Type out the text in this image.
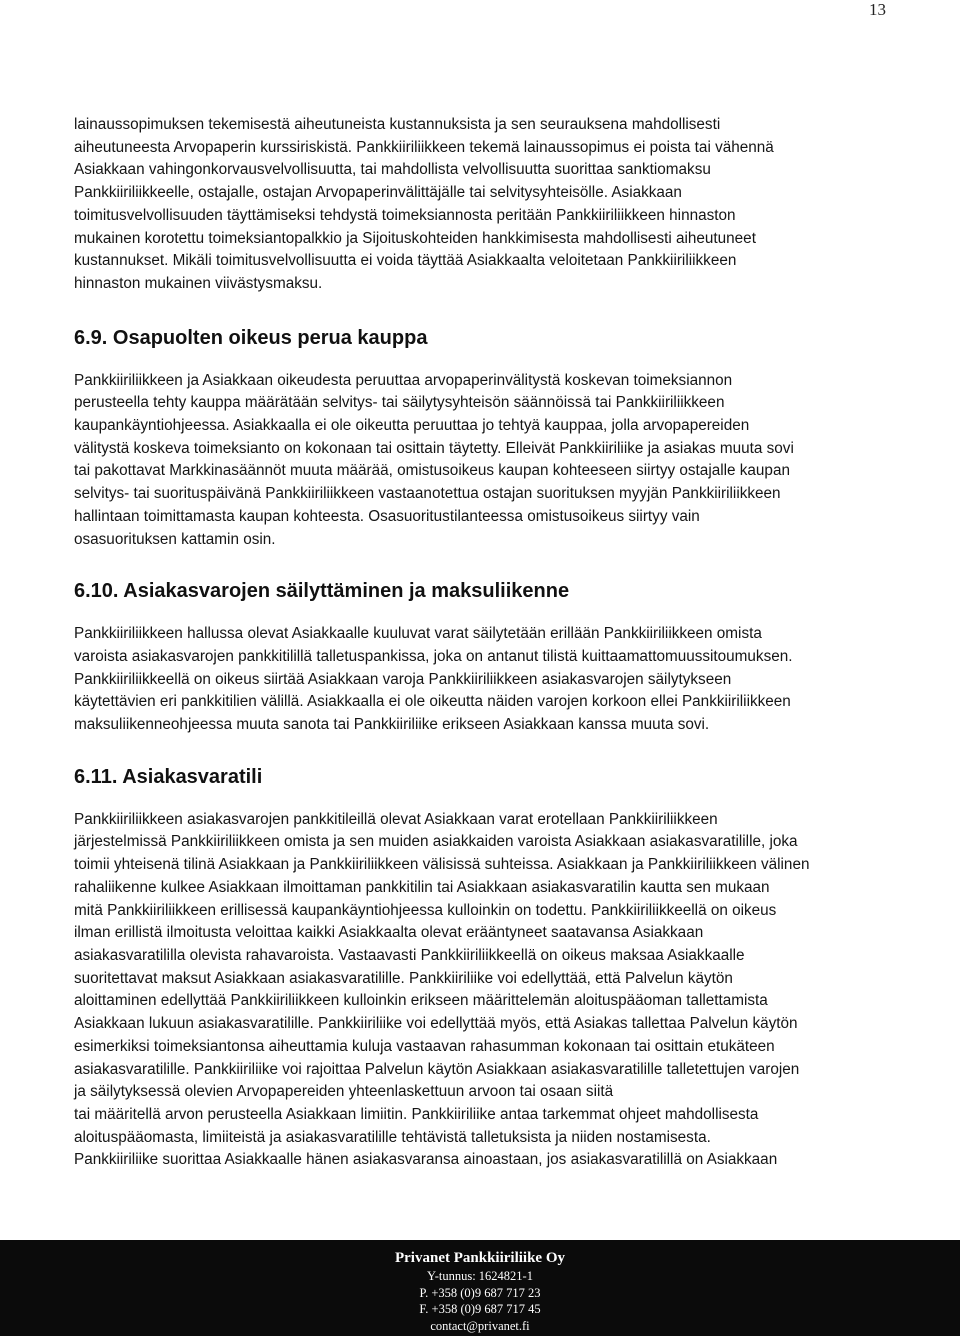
13

lainaussopimuksen tekemisestä aiheutuneista kustannuksista ja sen seurauksena mahdollisesti
aiheutuneesta Arvopaperin kurssiriskistä. Pankkiiriliikkeen tekemä lainaussopimus ei poista tai vähennä
Asiakkaan vahingonkorvausvelvollisuutta, tai mahdollista velvollisuutta suorittaa sanktiomaksu
Pankkiiriliikkeelle, ostajalle, ostajan Arvopaperinvälittäjälle tai selvitysyhteisölle. Asiakkaan
toimitusvelvollisuuden täyttämiseksi tehdystä toimeksiannosta peritään Pankkiiriliikkeen hinnaston
mukainen korotettu toimeksiantopalkkio ja Sijoituskohteiden hankkimisesta mahdollisesti aiheutuneet
kustannukset. Mikäli toimitusvelvollisuutta ei voida täyttää Asiakkaalta veloitetaan Pankkiiriliikkeen
hinnaston mukainen viivästysmaksu.

6.9. Osapuolten oikeus perua kauppa

Pankkiiriliikkeen ja Asiakkaan oikeudesta peruuttaa arvopaperinvälitystä koskevan toimeksiannon
perusteella tehty kauppa määrätään selvitys- tai säilytysyhteisön säännöissä tai Pankkiiriliikkeen
kaupankäyntiohjeessa. Asiakkaalla ei ole oikeutta peruuttaa jo tehtyä kauppaa, jolla arvopapereiden
välitystä koskeva toimeksianto on kokonaan tai osittain täytetty. Elleivät Pankkiiriliike ja asiakas muuta sovi
tai pakottavat Markkinasäännöt muuta määrää, omistusoikeus kaupan kohteeseen siirtyy ostajalle kaupan
selvitys- tai suorituspäivänä Pankkiiriliikkeen vastaanotettua ostajan suorituksen myyjän Pankkiiriliikkeen
hallintaan toimittamasta kaupan kohteesta. Osasuoritustilanteessa omistusoikeus siirtyy vain
osasuorituksen kattamin osin.

6.10. Asiakasvarojen säilyttäminen ja maksuliikenne

Pankkiiriliikkeen hallussa olevat Asiakkaalle kuuluvat varat säilytetään erillään Pankkiiriliikkeen omista
varoista asiakasvarojen pankkitilillä talletuspankissa, joka on antanut tilistä kuittaamattomuussitoumuksen.
Pankkiiriliikkeellä on oikeus siirtää Asiakkaan varoja Pankkiiriliikkeen asiakasvarojen säilytykseen
käytettävien eri pankkitilien välillä. Asiakkaalla ei ole oikeutta näiden varojen korkoon ellei Pankkiiriliikkeen
maksuliikenneohjeessa muuta sanota tai Pankkiiriliike erikseen Asiakkaan kanssa muuta sovi.

6.11. Asiakasvaratili

Pankkiiriliikkeen asiakasvarojen pankkitileillä olevat Asiakkaan varat erotellaan Pankkiiriliikkeen
järjestelmissä Pankkiiriliikkeen omista ja sen muiden asiakkaiden varoista Asiakkaan asiakasvaratilille, joka
toimii yhteisenä tilinä Asiakkaan ja Pankkiiriliikkeen välisissä suhteissa. Asiakkaan ja Pankkiiriliikkeen välinen
rahaliikenne kulkee Asiakkaan ilmoittaman pankkitilin tai Asiakkaan asiakasvaratilin kautta sen mukaan
mitä Pankkiiriliikkeen erillisessä kaupankäyntiohjeessa kulloinkin on todettu. Pankkiiriliikkeellä on oikeus
ilman erillistä ilmoitusta veloittaa kaikki Asiakkaalta olevat erääntyneet saatavansa Asiakkaan
asiakasvaratililla olevista rahavaroista. Vastaavasti Pankkiiriliikkeellä on oikeus maksaa Asiakkaalle
suoritettavat maksut Asiakkaan asiakasvaratilille. Pankkiiriliike voi edellyttää, että Palvelun käytön
aloittaminen edellyttää Pankkiiriliikkeen kulloinkin erikseen määrittelemän aloituspääoman tallettamista
Asiakkaan lukuun asiakasvaratilille. Pankkiiriliike voi edellyttää myös, että Asiakas tallettaa Palvelun käytön
esimerkiksi toimeksiantonsa aiheuttamia kuluja vastaavan rahasumman kokonaan tai osittain etukäteen
asiakasvaratilille. Pankkiiriliike voi rajoittaa Palvelun käytön Asiakkaan asiakasvaratilille talletettujen varojen
ja säilytyksessä olevien Arvopapereiden yhteenlaskettuun arvoon tai osaan siitä
tai määritellä arvon perusteella Asiakkaan limiitin. Pankkiiriliike antaa tarkemmat ohjeet mahdollisesta
aloituspääomasta, limiiteistä ja asiakasvaratilille tehtävistä talletuksista ja niiden nostamisesta.
Pankkiiriliike suorittaa Asiakkaalle hänen asiakasvaransa ainoastaan, jos asiakasvaratilillä on Asiakkaan

Privanet Pankkiiriliike Oy
Y-tunnus: 1624821-1
P. +358 (0)9 687 717 23
F. +358 (0)9 687 717 45
contact@privanet.fi
